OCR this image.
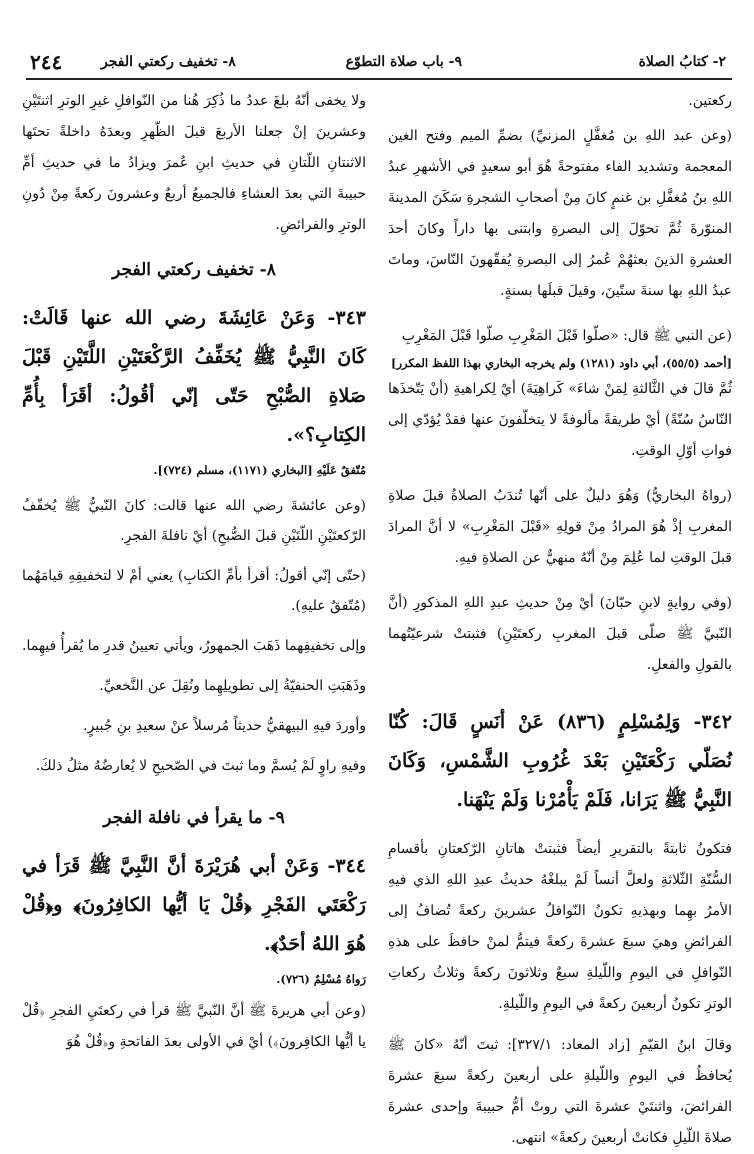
٢- كتابُ الصلاة
٩- باب صلاة التطوّع
٨- تخفيف ركعتي الفجر
٢٤٤

ركعتين.

(وعن عبد اللهِ بن مُغفَّلٍ المزنيِّ) بضمِّ الميم وفتح الغين المعجمة وتشديد الفاء مفتوحةً هُوَ أبو سعيدٍ في الأشهرِ عبدُ اللهِ بنُ مُغفَّلِ بن غنمٍ كانَ مِنْ أصحابِ الشجرةِ سَكَنَ المدينةَ المنوّرةَ ثُمَّ تحوّلَ إلى البصرةِ وابتنى بها داراً وكانَ أحدَ العشرةِ الذينَ بعثهُمْ عُمرُ إلى البصرةِ يُفقّهونَ النّاسَ، وماتَ عبدُ اللهِ بها سنةَ ستّينَ، وقيلَ قبلَها بسنةٍ.

(عن النبي ﷺ قال: «صلّوا قَبْلَ المَغْرِبِ صلّوا قَبْلَ المَغْرِبِ

[أحمد (٥٥/٥)، أبي داود (١٢٨١) ولم يخرجه البخاري بهذا اللفظ المكرر]

ثُمَّ قالَ في الثَّالثةِ لِمَنْ شاءَ» كَراهِيَةَ) أيْ لِكراهيةِ (أنْ يَتّخذَها النّاسُ سُنّةً) أيْ طريقةً مألوفةً لا يتخلّفونَ عنها فقدْ يُؤدّي إلى فواتِ أوّلِ الوقتِ.

(رواهُ البخاريُّ) وَهُوَ دليلٌ على أنّها تُندَبُ الصلاةُ قبلَ صلاةِ المغربِ إذْ هُوَ المرادُ مِنْ قولِهِ «قَبْلَ المَغْرِبِ» لا أنَّ المرادَ قبلَ الوقتِ لما عُلِمَ مِنْ أنّهُ منهيٌّ عن الصلاةِ فيهِ.

(وفي روايةٍ لابنِ حبّانَ) أيْ مِنْ حديثِ عبدِ اللهِ المذكورِ (أنَّ النّبيَّ ﷺ صلّى قبلَ المغربِ ركعتَيْنِ) فثبتتْ شرعيّتُهما بالقولِ والفعلِ.

٣٤٢- وَلِمُسْلِمٍ (٨٣٦) عَنْ أنَسٍ قَالَ: كُنّا نُصَلّي رَكْعَتَيْنِ بَعْدَ غُرُوبِ الشَّمْسِ، وَكَانَ النَّبِيُّ ﷺ يَرَانا، فَلَمْ يَأْمُرْنا وَلَمْ يَنْهَنا.

فتكونُ ثابتةً بالتقريرِ أيضاً فثبتتْ هاتانِ الرّكعتانِ بأقسامِ السُّنّةِ الثّلاثةِ ولعلَّ أنساً لَمْ يبلغْهُ حديثُ عبدِ اللهِ الذي فيهِ الأمرُ بهِما وبهذيهِ تكونُ النّوافلُ عشرينَ ركعةً تُضافُ إلى الفرائضِ وهيَ سبعَ عشرةَ ركعةً فيتمُّ لمنْ حافظَ على هذهِ النّوافلِ في اليومِ واللّيلةِ سبعٌ وثلاثونَ ركعةً وثلاثُ ركعاتِ الوترِ تكونُ أربعينَ ركعةً في اليومِ واللّيلةِ.

وقالَ ابنُ القيّمِ [زاد المعاد: ٣٢٧/١]: ثبتَ أنّهُ «كانَ ﷺ يُحافظُ في اليومِ واللّيلةِ على أربعينَ ركعةً سبعَ عشرةَ الفرائضَ، واثنتَيْ عشرةَ التي روتْ أمُّ حبيبةَ وإحدى عشرةَ صلاةَ اللّيلِ فكانتْ أربعينَ ركعةً» انتهى.

ولا يخفى أنّهُ بلغَ عددُ ما ذُكِرَ هُنا من النّوافلِ غيرِ الوترِ اثنتَيْنِ وعشرينَ إنْ جعلنا الأربعَ قبلَ الظّهرِ وبعدَهُ داخلةً تحتَها الاثنتانِ اللّتانِ في حديثِ ابنِ عُمرَ ويزادُ ما في حديثِ أمِّ حبيبةَ التي بعدَ العشاءِ فالجميعُ أربعٌ وعشرونَ ركعةً مِنْ دُونِ الوترِ والفرائضِ.

٨- تخفيف ركعتي الفجر

٣٤٣- وَعَنْ عَائِشَةَ رضي الله عنها قَالَتْ: كَانَ النَّبِيُّ ﷺ يُخَفِّفُ الرَّكْعَتَيْنِ اللَّتَيْنِ قَبْلَ صَلاةِ الصُّبْحِ حَتّى إنّي أقُولُ: أقَرَأ بِأُمِّ الكِتابِ؟».

مُتّفقٌ عَلَيْهِ [البخاري (١١٧١)، مسلم (٧٢٤)].

(وعن عائشةَ رضي الله عنها قالت: كانَ النّبيُّ ﷺ يُخفّفُ الرّكعتَيْنِ اللّتَيْنِ قبلَ الصُّبحِ) أيْ نافلةَ الفجرِ.

(حتّى إنّي أقولُ: أقرأ بأمِّ الكتابِ) يعني أمْ لا لتخفيفِهِ قيامَهُما (مُتّفقٌ عليهِ).

وإلى تخفيفِهما ذَهَبَ الجمهورُ، ويأتي تعيينُ قدرِ ما يُقرأُ فيهِما.

وذَهَبَتِ الحنفيّةُ إلى تطويلِهِما ونُقِلَ عن النَّخعيِّ.

وأوردَ فيهِ البيهقيُّ حديثاً مُرسلاً عنْ سعيدِ بنِ جُبيرٍ.

وفيهِ راوٍ لَمْ يُسمَّ وما ثبتَ في الصّحيحِ لا يُعارضُهُ مثلُ ذلكَ.

٩- ما يقرأ في نافلة الفجر

٣٤٤- وَعَنْ أبي هُرَيْرَةَ أنَّ النَّبِيَّ ﷺ قَرَأ في رَكْعَتَي الفَجْرِ ﴿قُلْ يَا أيُّها الكافِرُونَ﴾ و﴿قُلْ هُوَ اللهُ أحَدٌ﴾.

رَواهُ مُسْلِمٌ (٧٢٦).

(وعن أبي هريرةَ ﷺ أنَّ النّبيَّ ﷺ قرأ في ركعتَيِ الفجرِ ﴿قُلْ يا أيُّها الكافِرونَ﴾) أيْ في الأولى بعدَ الفاتحةِ و﴿قُلْ هُوَ
